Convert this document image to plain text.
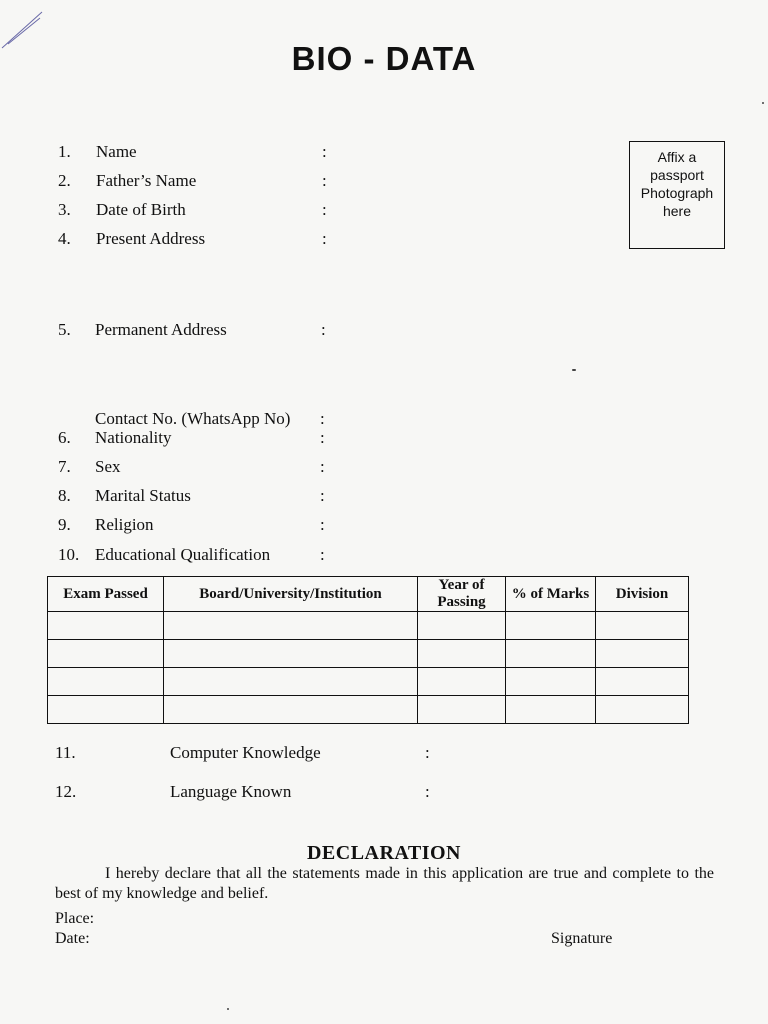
BIO - DATA
1. Name	:
2. Father’s Name	:
3. Date of Birth	:
4. Present Address	:
5. Permanent Address	:
Contact No. (WhatsApp No) :
6. Nationality	:
7. Sex	:
8. Marital Status	:
9. Religion	:
10. Educational Qualification	:
Affix a
passport
Photograph
here
Exam Passed	Board/University/Institution	Year of Passing	% of Marks	Division

11.	Computer Knowledge	:
12.	Language Known	:
DECLARATION
I hereby declare that all the statements made in this application are true and complete to the best of my knowledge and belief.
Place:
Date:	Signature
